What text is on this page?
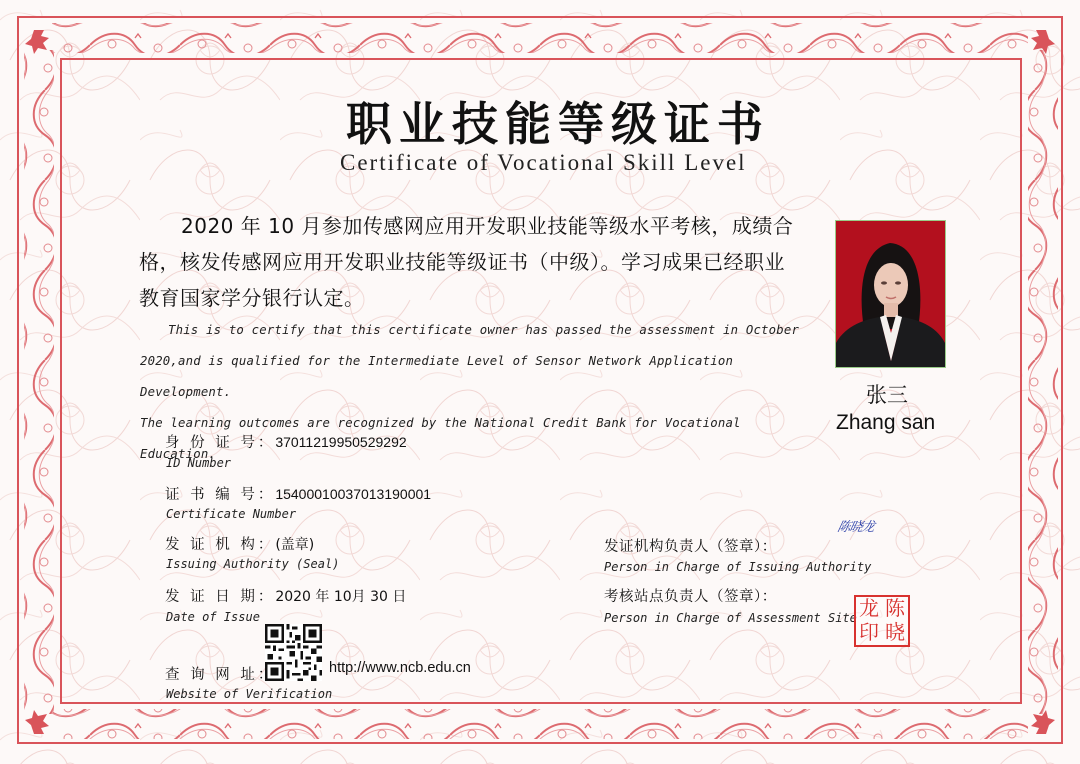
职业技能等级证书
Certificate of Vocational Skill Level
2020 年 10 月参加传感网应用开发职业技能等级水平考核，成绩合格，核发传感网应用开发职业技能等级证书（中级）。学习成果已经职业教育国家学分银行认定。
This is to certify that this certificate owner has passed the assessment in October
2020,and is qualified for the Intermediate Level of Sensor Network Application Development.
The learning outcomes are recognized by the National Credit Bank for Vocational Education.
张三
Zhang san
身 份 证 号：37011219950529292
ID Number
证 书 编 号：15400010037013190001
Certificate Number
发 证 机 构：(盖章)
Issuing Authority (Seal)
发 证 日 期：2020 年 10月 30 日
Date of Issue
查 询 网 址：	http://www.ncb.edu.cn
Website of Verification
陈晓龙
发证机构负责人（签章）：
Person in Charge of Issuing Authority
考核站点负责人（签章）：
Person in Charge of Assessment Site 龙 陈
印 晓
